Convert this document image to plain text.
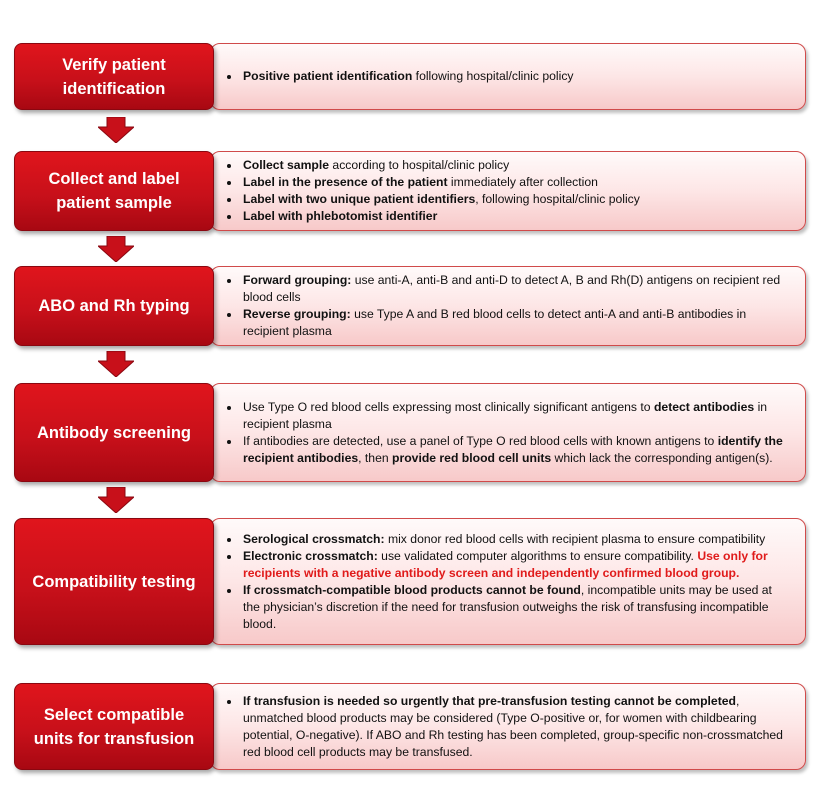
• Positive patient identification following hospital/clinic policy
Verify patient identification
• Collect sample according to hospital/clinic policy
• Label in the presence of the patient immediately after collection
• Label with two unique patient identifiers, following hospital/clinic policy
• Label with phlebotomist identifier
Collect and label patient sample
• Forward grouping: use anti-A, anti-B and anti-D to detect A, B and Rh(D) antigens on recipient red blood cells
• Reverse grouping: use Type A and B red blood cells to detect anti-A and anti-B antibodies in recipient plasma
ABO and Rh typing
• Use Type O red blood cells expressing most clinically significant antigens to detect antibodies in recipient plasma
• If antibodies are detected, use a panel of Type O red blood cells with known antigens to identify the recipient antibodies, then provide red blood cell units which lack the corresponding antigen(s).
Antibody screening
• Serological crossmatch: mix donor red blood cells with recipient plasma to ensure compatibility
• Electronic crossmatch: use validated computer algorithms to ensure compatibility. Use only for recipients with a negative antibody screen and independently confirmed blood group.
• If crossmatch-compatible blood products cannot be found, incompatible units may be used at the physician’s discretion if the need for transfusion outweighs the risk of transfusing incompatible blood.
Compatibility testing
• If transfusion is needed so urgently that pre-transfusion testing cannot be completed, unmatched blood products may be considered (Type O-positive or, for women with childbearing potential, O-negative). If ABO and Rh testing has been completed, group-specific non-crossmatched red blood cell products may be transfused.
Select compatible units for transfusion
